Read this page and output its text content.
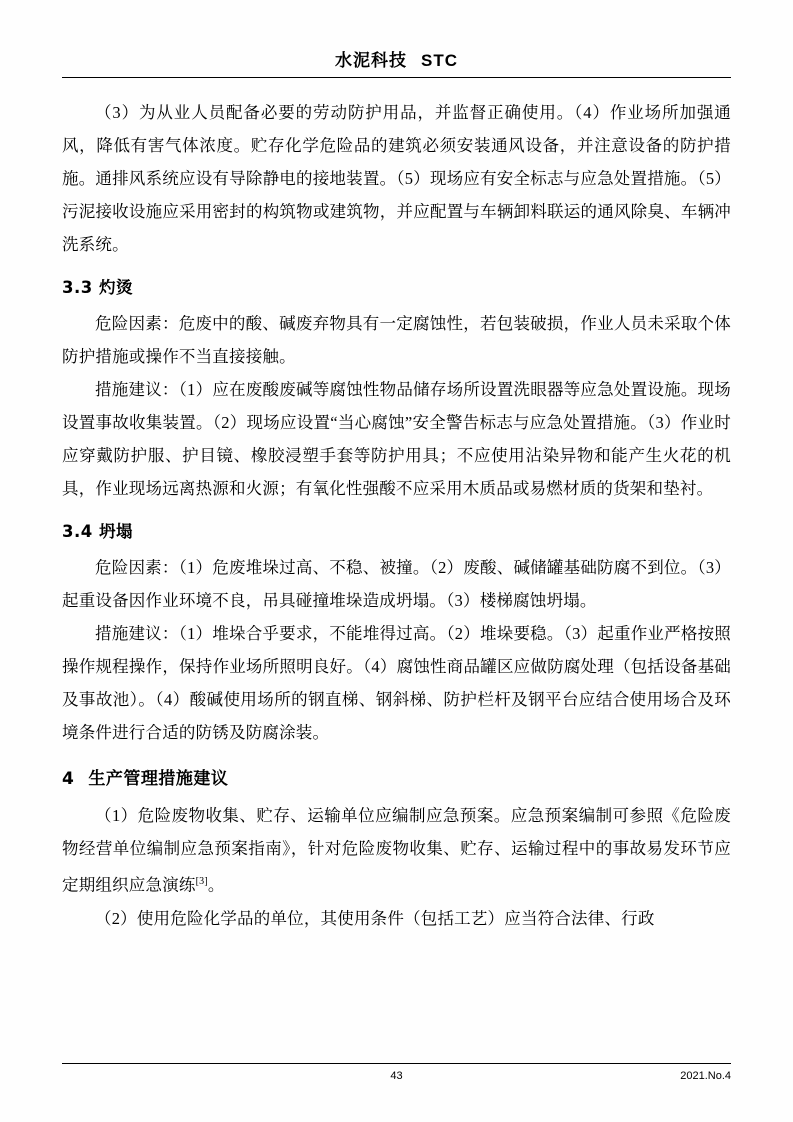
水泥科技 STC

（3）为从业人员配备必要的劳动防护用品，并监督正确使用。（4）作业场所加强通风，降低有害气体浓度。贮存化学危险品的建筑必须安装通风设备，并注意设备的防护措施。通排风系统应设有导除静电的接地装置。（5）现场应有安全标志与应急处置措施。（5）污泥接收设施应采用密封的构筑物或建筑物，并应配置与车辆卸料联运的通风除臭、车辆冲洗系统。

3.3 灼烫

危险因素：危废中的酸、碱废弃物具有一定腐蚀性，若包装破损，作业人员未采取个体防护措施或操作不当直接接触。

措施建议：（1）应在废酸废碱等腐蚀性物品储存场所设置洗眼器等应急处置设施。现场设置事故收集装置。（2）现场应设置“当心腐蚀”安全警告标志与应急处置措施。（3）作业时应穿戴防护服、护目镜、橡胶浸塑手套等防护用具；不应使用沾染异物和能产生火花的机具，作业现场远离热源和火源；有氧化性强酸不应采用木质品或易燃材质的货架和垫衬。

3.4 坍塌

危险因素：（1）危废堆垛过高、不稳、被撞。（2）废酸、碱储罐基础防腐不到位。（3）起重设备因作业环境不良，吊具碰撞堆垛造成坍塌。（3）楼梯腐蚀坍塌。

措施建议：（1）堆垛合乎要求，不能堆得过高。（2）堆垛要稳。（3）起重作业严格按照操作规程操作，保持作业场所照明良好。（4）腐蚀性商品罐区应做防腐处理（包括设备基础及事故池）。（4）酸碱使用场所的钢直梯、钢斜梯、防护栏杆及钢平台应结合使用场合及环境条件进行合适的防锈及防腐涂装。

4 生产管理措施建议

（1）危险废物收集、贮存、运输单位应编制应急预案。应急预案编制可参照《危险废物经营单位编制应急预案指南》，针对危险废物收集、贮存、运输过程中的事故易发环节应定期组织应急演练[3]。

（2）使用危险化学品的单位，其使用条件（包括工艺）应当符合法律、行政

43	2021.No.4
